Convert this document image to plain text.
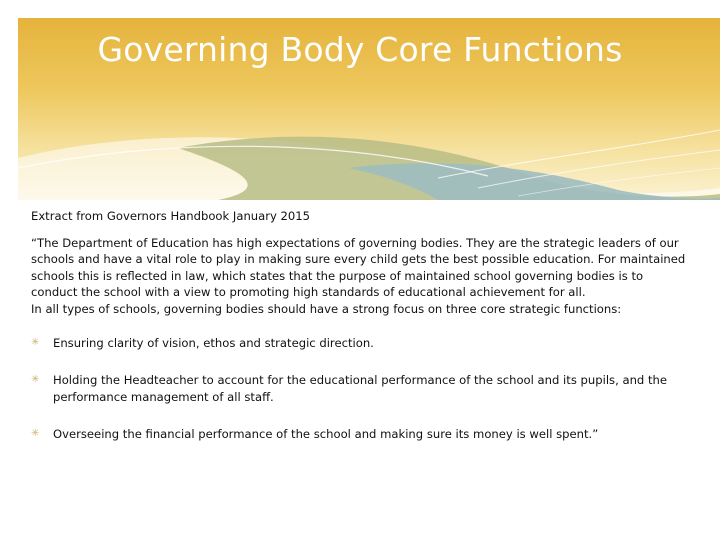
Governing Body Core Functions
Extract from Governors Handbook January 2015

“The Department of Education has high expectations of governing bodies. They are the strategic leaders of our schools and have a vital role to play in making sure every child gets the best possible education. For maintained schools this is reflected in law, which states that the purpose of maintained school governing bodies is to conduct the school with a view to promoting high standards of educational achievement for all.

In all types of schools, governing bodies should have a strong focus on three core strategic functions:

✳ Ensuring clarity of vision, ethos and strategic direction.
✳ Holding the Headteacher to account for the educational performance of the school and its pupils, and the performance management of all staff.
✳ Overseeing the financial performance of the school and making sure its money is well spent.”
